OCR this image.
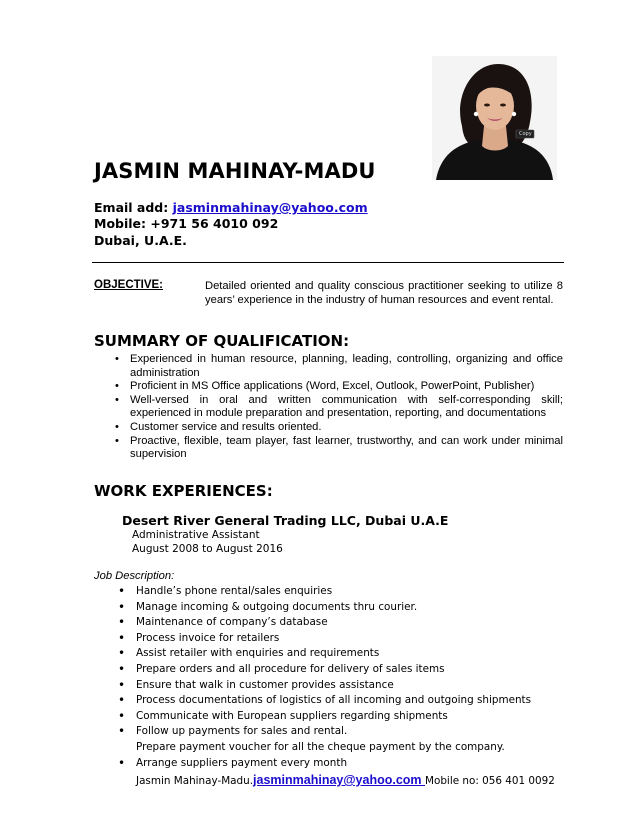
Copy
JASMIN MAHINAY-MADU
Email add: jasminmahinay@yahoo.com
Mobile: +971 56 4010 092
Dubai, U.A.E.
OBJECTIVE:	Detailed oriented and quality conscious practitioner seeking to utilize 8 years’ experience in the industry of human resources and event rental.
SUMMARY OF QUALIFICATION:
• Experienced in human resource, planning, leading, controlling, organizing and office administration
• Proficient in MS Office applications (Word, Excel, Outlook, PowerPoint, Publisher)
• Well-versed in oral and written communication with self-corresponding skill; experienced in module preparation and presentation, reporting, and documentations
• Customer service and results oriented.
• Proactive, flexible, team player, fast learner, trustworthy, and can work under minimal supervision
WORK EXPERIENCES:
Desert River General Trading LLC, Dubai U.A.E
Administrative Assistant
August 2008 to August 2016
Job Description:
• Handle’s phone rental/sales enquiries
• Manage incoming & outgoing documents thru courier.
• Maintenance of company’s database
• Process invoice for retailers
• Assist retailer with enquiries and requirements
• Prepare orders and all procedure for delivery of sales items
• Ensure that walk in customer provides assistance
• Process documentations of logistics of all incoming and outgoing shipments
• Communicate with European suppliers regarding shipments
• Follow up payments for sales and rental.
Prepare payment voucher for all the cheque payment by the company.
• Arrange suppliers payment every month
Jasmin Mahinay-Madu.jasminmahinay@yahoo.com Mobile no: 056 401 0092
